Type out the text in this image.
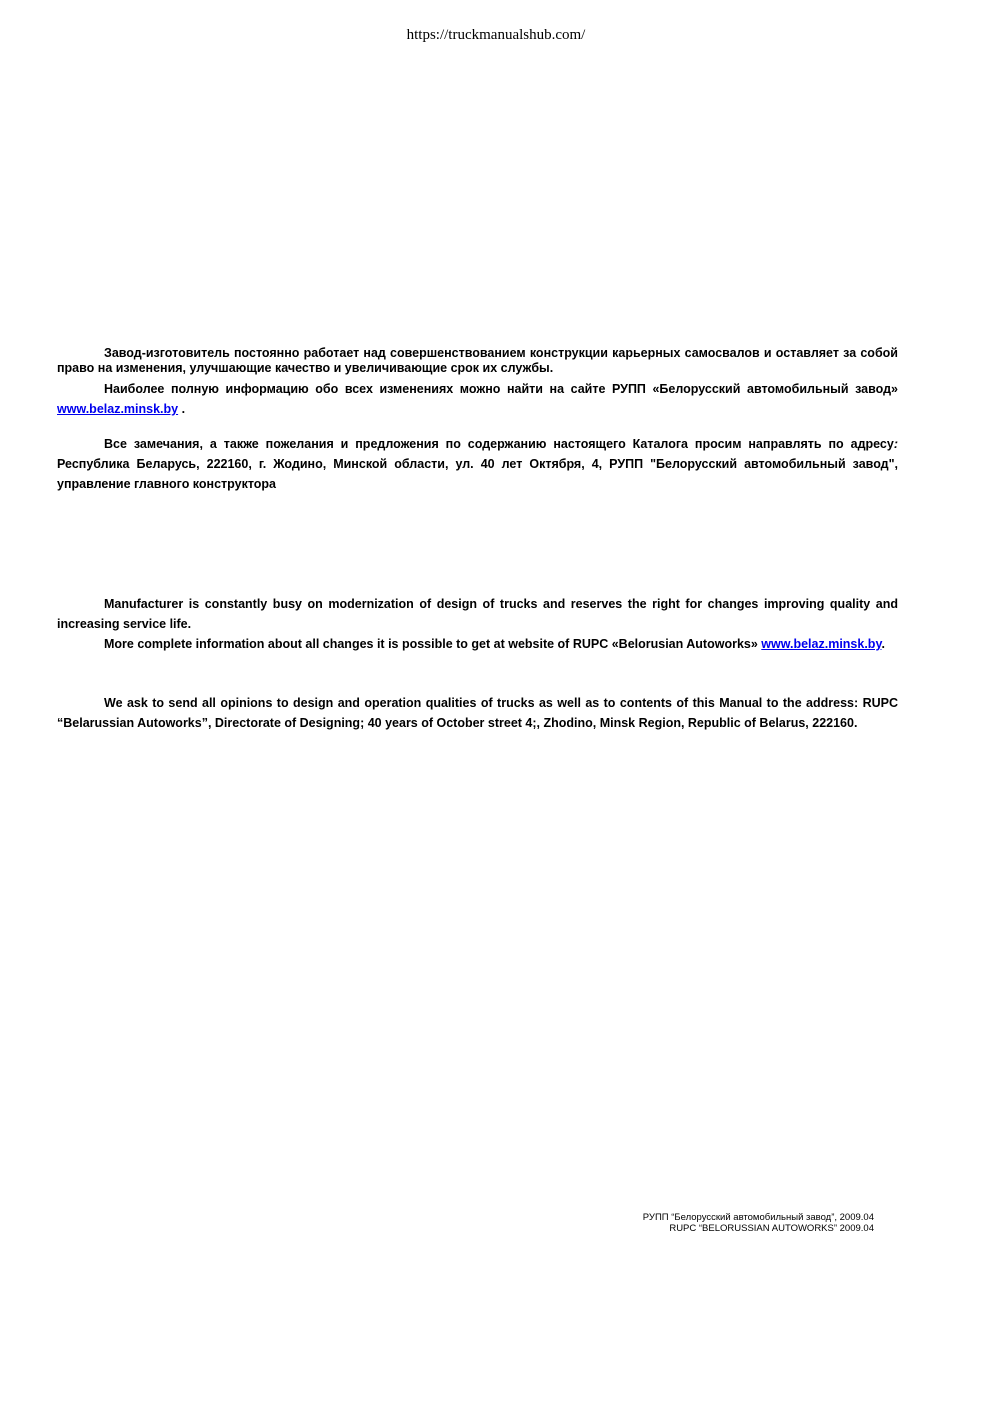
https://truckmanualshub.com/

Завод-изготовитель постоянно работает над совершенствованием конструкции карьерных самосвалов и оставляет за собой право на изменения, улучшающие качество и увеличивающие срок их службы.

Наиболее полную информацию обо всех изменениях можно найти на сайте РУПП «Белорусский автомобильный завод» www.belaz.minsk.by .

Все замечания, а также пожелания и предложения по содержанию настоящего Каталога просим направлять по адресу: Республика Беларусь, 222160, г. Жодино, Минской области, ул. 40 лет Октября, 4, РУПП "Белорусский автомобильный завод", управление главного конструктора

Manufacturer is constantly busy on modernization of design of trucks and reserves the right for changes improving quality and increasing service life.

More complete information about all changes it is possible to get at website of RUPC «Belorusian Autoworks» www.belaz.minsk.by.

We ask to send all opinions to design and operation qualities of trucks as well as to contents of this Manual to the address: RUPC “Belarussian Autoworks”, Directorate of Designing; 40 years of October street 4;, Zhodino, Minsk Region, Republic of Belarus, 222160.

РУПП “Белорусский автомобильный завод”, 2009.04
RUPC “BELORUSSIAN AUTOWORKS” 2009.04
